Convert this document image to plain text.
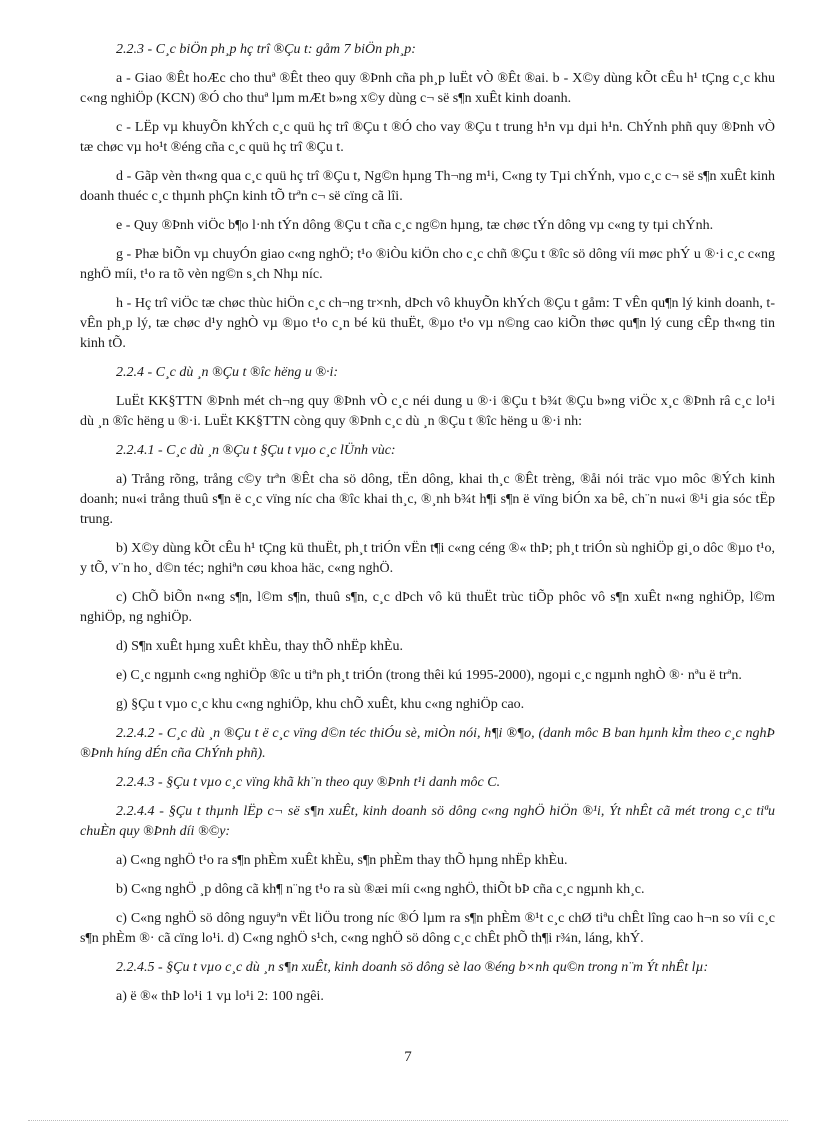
2.2.3 - C¸c biÖn ph¸p hç trî ®Çu t: gåm 7 biÖn ph¸p:

a - Giao ®Êt hoÆc cho thuª ®Êt theo quy ®Þnh cña ph¸p luËt vÒ ®Êt ®ai. b - X©y dùng kÕt cÊu h¹ tÇng c¸c khu c«ng nghiÖp (KCN) ®Ó cho thuª lµm mÆt b»ng x©y dùng c¬ së s¶n xuÊt kinh doanh.

c - LËp vµ khuyÕn khÝch c¸c quü hç trî ®Çu t ®Ó cho vay ®Çu t trung h¹n vµ dµi h¹n. ChÝnh phñ quy ®Þnh vÒ tæ chøc vµ ho¹t ®éng cña c¸c quü hç trî ®Çu t.

d - Gãp vèn th«ng qua c¸c quü hç trî ®Çu t, Ng©n hµng Th¬ng m¹i, C«ng ty Tµi chÝnh, vµo c¸c c¬ së s¶n xuÊt kinh doanh thuéc c¸c thµnh phÇn kinh tÕ trªn c¬ së cïng cã lîi.

e - Quy ®Þnh viÖc b¶o l·nh tÝn dông ®Çu t cña c¸c ng©n hµng, tæ chøc tÝn dông vµ c«ng ty tµi chÝnh.

g - Phæ biÕn vµ chuyÓn giao c«ng nghÖ; t¹o ®iÒu kiÖn cho c¸c chñ ®Çu t ®îc sö dông víi møc phÝ u ®·i c¸c c«ng nghÖ míi, t¹o ra tõ vèn ng©n s¸ch Nhµ níc.

h - Hç trî viÖc tæ chøc thùc hiÖn c¸c ch¬ng tr×nh, dÞch vô khuyÕn khÝch ®Çu t gåm: T vÊn qu¶n lý kinh doanh, t vÊn ph¸p lý, tæ chøc d¹y nghÒ vµ ®µo t¹o c¸n bé kü thuËt, ®µo t¹o vµ n©ng cao kiÕn thøc qu¶n lý cung cÊp th«ng tin kinh tÕ.

2.2.4 - C¸c dù ¸n ®Çu t ®îc hëng u ®·i:

LuËt KK§TTN ®Þnh mét ch¬ng quy ®Þnh vÒ c¸c néi dung u ®·i ®Çu t b¾t ®Çu b»ng viÖc x¸c ®Þnh râ c¸c lo¹i dù ¸n ®îc hëng u ®·i. LuËt KK§TTN còng quy ®Þnh c¸c dù ¸n ®Çu t ®îc hëng u ®·i nh:

2.2.4.1 - C¸c dù ¸n ®Çu t §Çu t vµo c¸c lÜnh vùc:

a) Trång rõng, trång c©y trªn ®Êt cha sö dông, tËn dông, khai th¸c ®Êt trèng, ®åi nói träc vµo môc ®Ých kinh doanh; nu«i trång thuû s¶n ë c¸c vïng níc cha ®îc khai th¸c, ®¸nh b¾t h¶i s¶n ë vïng biÓn xa bê, ch¨n nu«i ®¹i gia sóc tËp trung.

b) X©y dùng kÕt cÊu h¹ tÇng kü thuËt, ph¸t triÓn vËn t¶i c«ng céng ®« thÞ; ph¸t triÓn sù nghiÖp gi¸o dôc ®µo t¹o, y tÕ, v¨n ho¸ d©n téc; nghiªn cøu khoa häc, c«ng nghÖ.

c) ChÕ biÕn n«ng s¶n, l©m s¶n, thuû s¶n, c¸c dÞch vô kü thuËt trùc tiÕp phôc vô s¶n xuÊt n«ng nghiÖp, l©m nghiÖp, ng nghiÖp.

d) S¶n xuÊt hµng xuÊt khÈu, thay thÕ nhËp khÈu.

e) C¸c ngµnh c«ng nghiÖp ®îc u tiªn ph¸t triÓn (trong thêi kú 1995-2000), ngoµi c¸c ngµnh nghÒ ®· nªu ë trªn.

g) §Çu t vµo c¸c khu c«ng nghiÖp, khu chÕ xuÊt, khu c«ng nghiÖp cao.

2.2.4.2 - C¸c dù ¸n ®Çu t ë c¸c vïng d©n téc thiÓu sè, miÒn nói, h¶i ®¶o, (danh môc B ban hµnh kÌm theo c¸c nghÞ ®Þnh híng dÉn cña ChÝnh phñ).

2.2.4.3 - §Çu t vµo c¸c vïng khã kh¨n theo quy ®Þnh t¹i danh môc C.

2.2.4.4 - §Çu t thµnh lËp c¬ së s¶n xuÊt, kinh doanh sö dông c«ng nghÖ hiÖn ®¹i, Ýt nhÊt cã mét trong c¸c tiªu chuÈn quy ®Þnh díi ®©y:

a) C«ng nghÖ t¹o ra s¶n phÈm xuÊt khÈu, s¶n phÈm thay thÕ hµng nhËp khÈu.

b) C«ng nghÖ ¸p dông cã kh¶ n¨ng t¹o ra sù ®æi míi c«ng nghÖ, thiÕt bÞ cña c¸c ngµnh kh¸c.

c) C«ng nghÖ sö dông nguyªn vËt liÖu trong níc ®Ó lµm ra s¶n phÈm ®¹t c¸c chØ tiªu chÊt lîng cao h¬n so víi c¸c s¶n phÈm ®· cã cïng lo¹i. d) C«ng nghÖ s¹ch, c«ng nghÖ sö dông c¸c chÊt phÕ th¶i r¾n, láng, khÝ.

2.2.4.5 - §Çu t vµo c¸c dù ¸n s¶n xuÊt, kinh doanh sö dông sè lao ®éng b×nh qu©n trong n¨m Ýt nhÊt lµ:

a) ë ®« thÞ lo¹i 1 vµ lo¹i 2: 100 ngêi.

7
